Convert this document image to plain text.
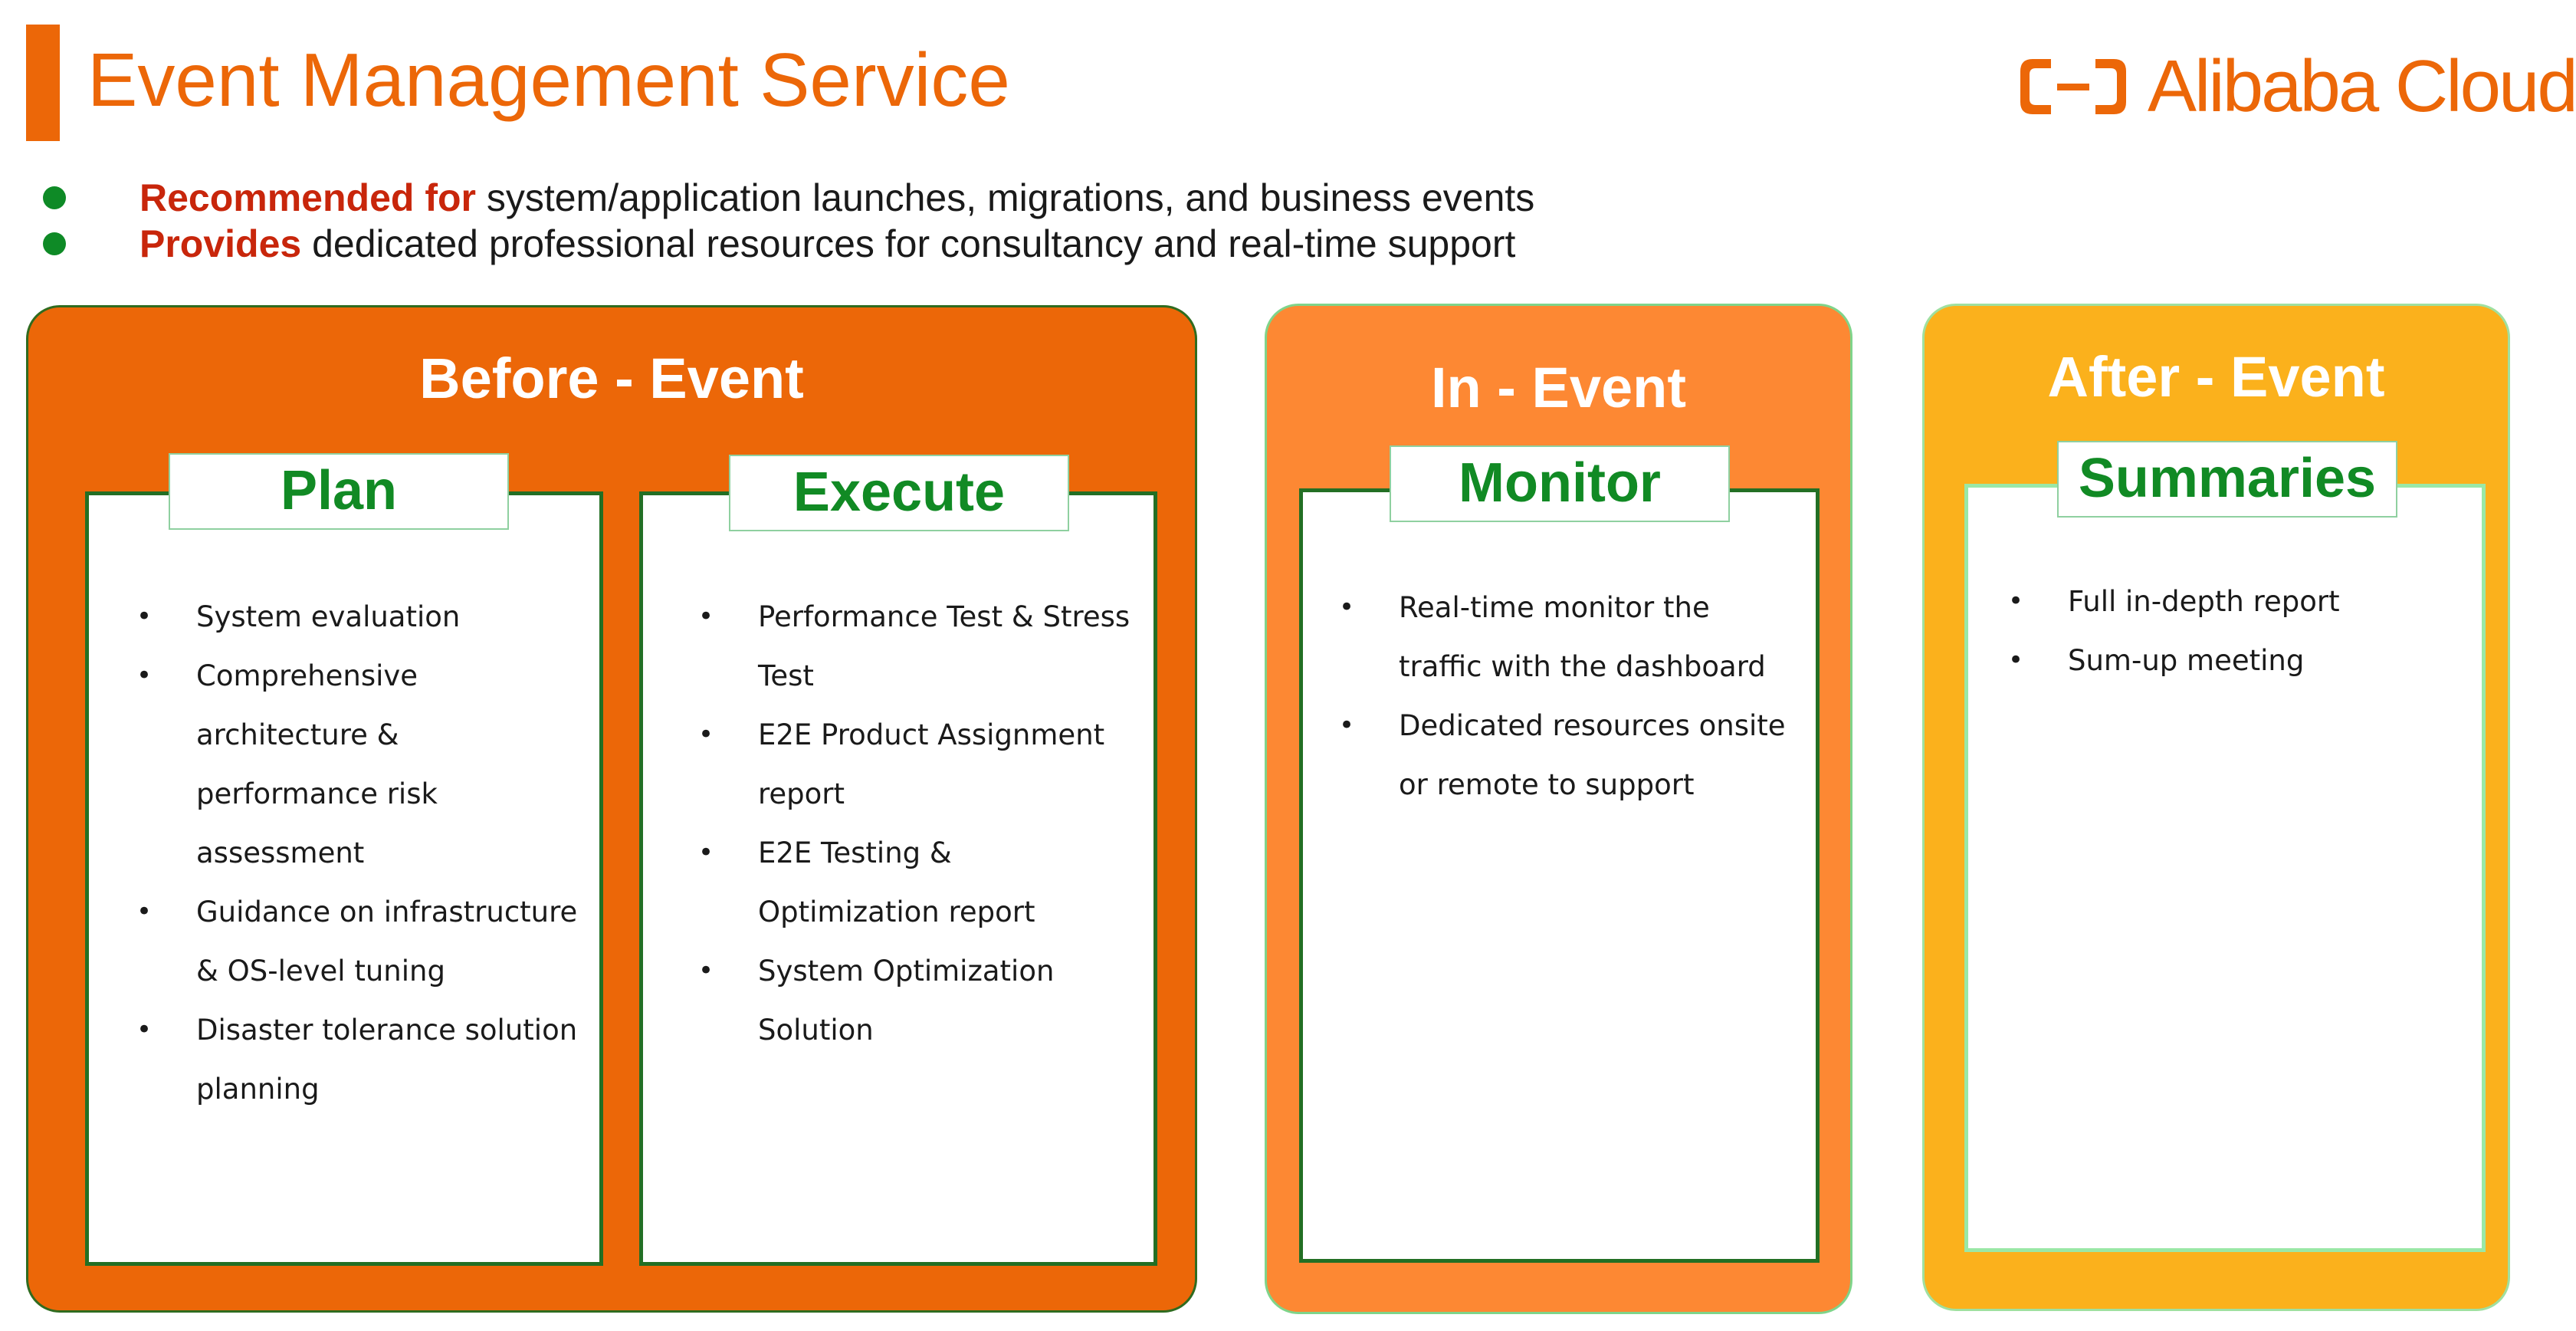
Event Management Service	Alibaba Cloud
Recommended for system/application launches, migrations, and business events
Provides dedicated professional resources for consultancy and real-time support
Before - Event
• System evaluation
• Comprehensive architecture & performance risk assessment
• Guidance on infrastructure & OS-level tuning
• Disaster tolerance solution planning
Plan
• Performance Test & Stress Test
• E2E Product Assignment report
• E2E Testing & Optimization report
• System Optimization Solution
Execute
In - Event
• Real-time monitor the traffic with the dashboard
• Dedicated resources onsite or remote to support
Monitor
After - Event
• Full in-depth report
• Sum-up meeting
Summaries
